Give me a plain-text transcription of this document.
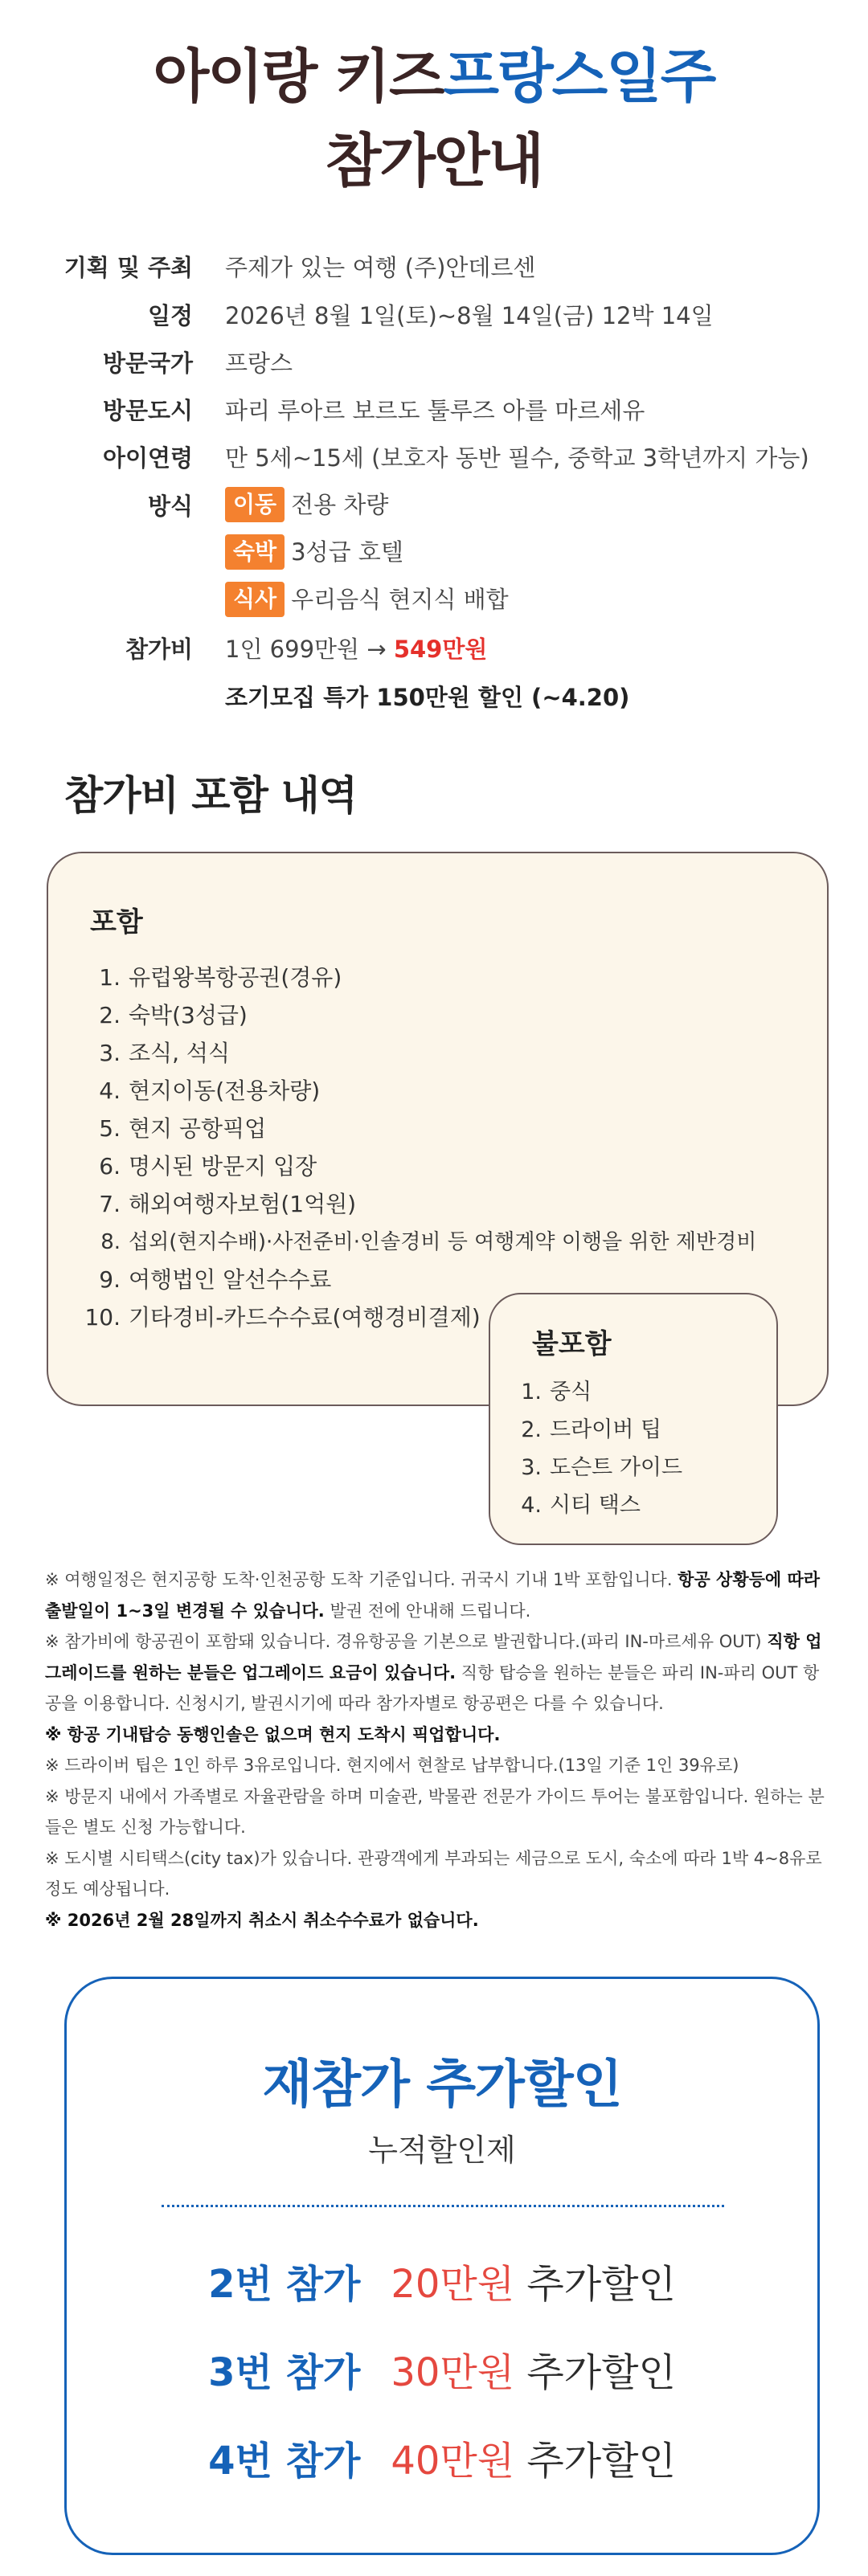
아이랑 키즈프랑스일주
참가안내
기획 및 주최 주제가 있는 여행 (주)안데르센
일정 2026년 8월 1일(토)~8월 14일(금) 12박 14일
방문국가 프랑스
방문도시 파리 루아르 보르도 툴루즈 아를 마르세유
아이연령 만 5세~15세 (보호자 동반 필수, 중학교 3학년까지 가능)
방식	이동 전용 차량
숙박 3성급 호텔
식사 우리음식 현지식 배합
참가비 1인 699만원 → 549만원
조기모집 특가 150만원 할인 (~4.20)
참가비 포함 내역
포함
1. 유럽왕복항공권(경유)
2. 숙박(3성급)
3. 조식, 석식
4. 현지이동(전용차량)
5. 현지 공항픽업
6. 명시된 방문지 입장
7. 해외여행자보험(1억원)
8. 섭외(현지수배)·사전준비·인솔경비 등 여행계약 이행을 위한 제반경비
9. 여행법인 알선수수료
10. 기타경비-카드수수료(여행경비결제)
불포함
1. 중식
2. 드라이버 팁
3. 도슨트 가이드
4. 시티 택스

※ 여행일정은 현지공항 도착·인천공항 도착 기준입니다. 귀국시 기내 1박 포함입니다. 항공 상황등에 따라 출발일이 1~3일 변경될 수 있습니다. 발권 전에 안내해 드립니다.

※ 참가비에 항공권이 포함돼 있습니다. 경유항공을 기본으로 발권합니다.(파리 IN-마르세유 OUT) 직항 업그레이드를 원하는 분들은 업그레이드 요금이 있습니다. 직항 탑승을 원하는 분들은 파리 IN-파리 OUT 항공을 이용합니다. 신청시기, 발권시기에 따라 참가자별로 항공편은 다를 수 있습니다.

※ 항공 기내탑승 동행인솔은 없으며 현지 도착시 픽업합니다.

※ 드라이버 팁은 1인 하루 3유로입니다. 현지에서 현찰로 납부합니다.(13일 기준 1인 39유로)

※ 방문지 내에서 가족별로 자율관람을 하며 미술관, 박물관 전문가 가이드 투어는 불포함입니다. 원하는 분들은 별도 신청 가능합니다.

※ 도시별 시티택스(city tax)가 있습니다. 관광객에게 부과되는 세금으로 도시, 숙소에 따라 1박 4~8유로 정도 예상됩니다.

※ 2026년 2월 28일까지 취소시 취소수수료가 없습니다.

재참가 추가할인
누적할인제
2번 참가 20만원 추가할인
3번 참가 30만원 추가할인
4번 참가 40만원 추가할인
